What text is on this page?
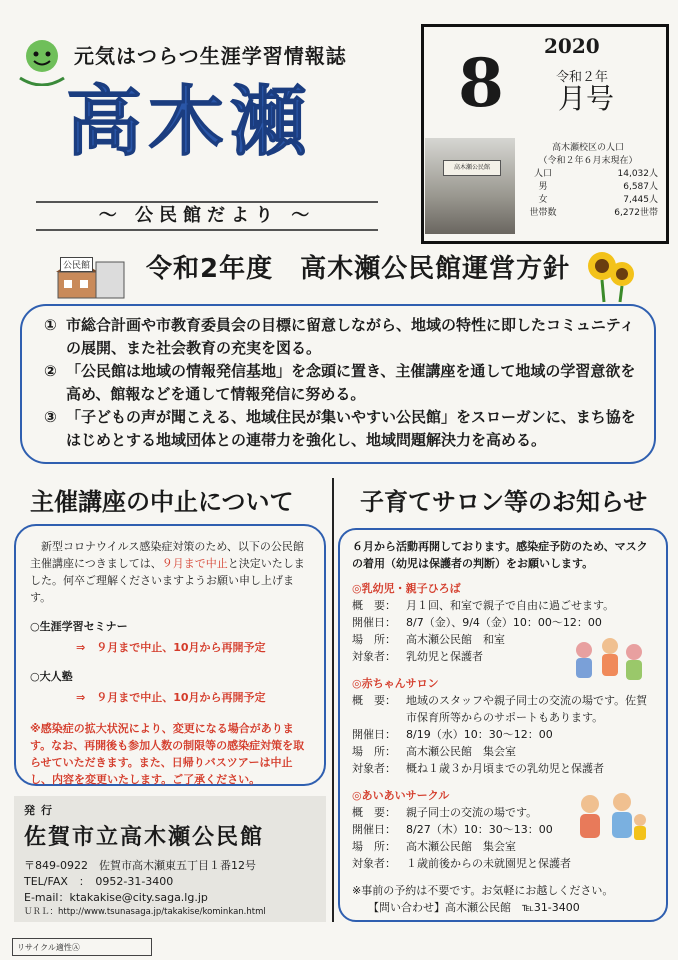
元気はつらつ生涯学習情報誌
高木瀬
～ 公民館だより ～
2020
8	令和２年
月号
高木瀬公民館
高木瀬校区の人口
（令和２年６月末現在）
人口	14,032人
男	6,587人
女	7,445人
世帯数	6,272世帯
公民館 令和2年度　高木瀬公民館運営方針
① 市総合計画や市教育委員会の目標に留意しながら、地域の特性に即したコミュニティの展開、また社会教育の充実を図る。
② 「公民館は地域の情報発信基地」を念頭に置き、主催講座を通して地域の学習意欲を高め、館報などを通して情報発信に努める。
③ 「子どもの声が聞こえる、地域住民が集いやすい公民館」をスローガンに、まち協をはじめとする地域団体との連帯力を強化し、地域問題解決力を高める。
主催講座の中止について
　新型コロナウイルス感染症対策のため、以下の公民館主催講座につきましては、９月まで中止と決定いたしました。何卒ご理解くださいますようお願い申し上げます。
○生涯学習セミナー
⇒　９月まで中止、10月から再開予定
○大人塾
⇒　９月まで中止、10月から再開予定
※感染症の拡大状況により、変更になる場合があります。なお、再開後も参加人数の制限等の感染症対策を取らせていただきます。また、日帰りバスツアーは中止し、内容を変更いたします。ご了承ください。
発行
佐賀市立高木瀬公民館
〒849-0922　佐賀市高木瀬東五丁目１番12号
TEL/FAX　：　0952-31-3400
E-mail：ktakakise@city.saga.lg.jp
ＵＲＬ：http://www.tsunasaga.jp/takakise/kominkan.html
子育てサロン等のお知らせ
６月から活動再開しております。感染症予防のため、マスクの着用（幼児は保護者の判断）をお願いします。
◎乳幼児・親子ひろば
概　要： 月１回、和室で親子で自由に過ごせます。
開催日： 8/7（金）、9/4（金）10：00～12：00
場　所： 高木瀬公民館　和室
対象者： 乳幼児と保護者
◎赤ちゃんサロン
概　要： 地域のスタッフや親子同士の交流の場です。佐賀市保育所等からのサポートもあります。
開催日： 8/19（水）10：30～12：00
場　所： 高木瀬公民館　集会室
対象者： 概ね１歳３か月頃までの乳幼児と保護者
◎あいあいサークル
概　要： 親子同士の交流の場です。
開催日： 8/27（木）10：30～13：00
場　所： 高木瀬公民館　集会室
対象者： １歳前後からの未就園児と保護者
※事前の予約は不要です。お気軽にお越しください。
【問い合わせ】高木瀬公民館　℡31-3400
リサイクル適性Ⓐ
